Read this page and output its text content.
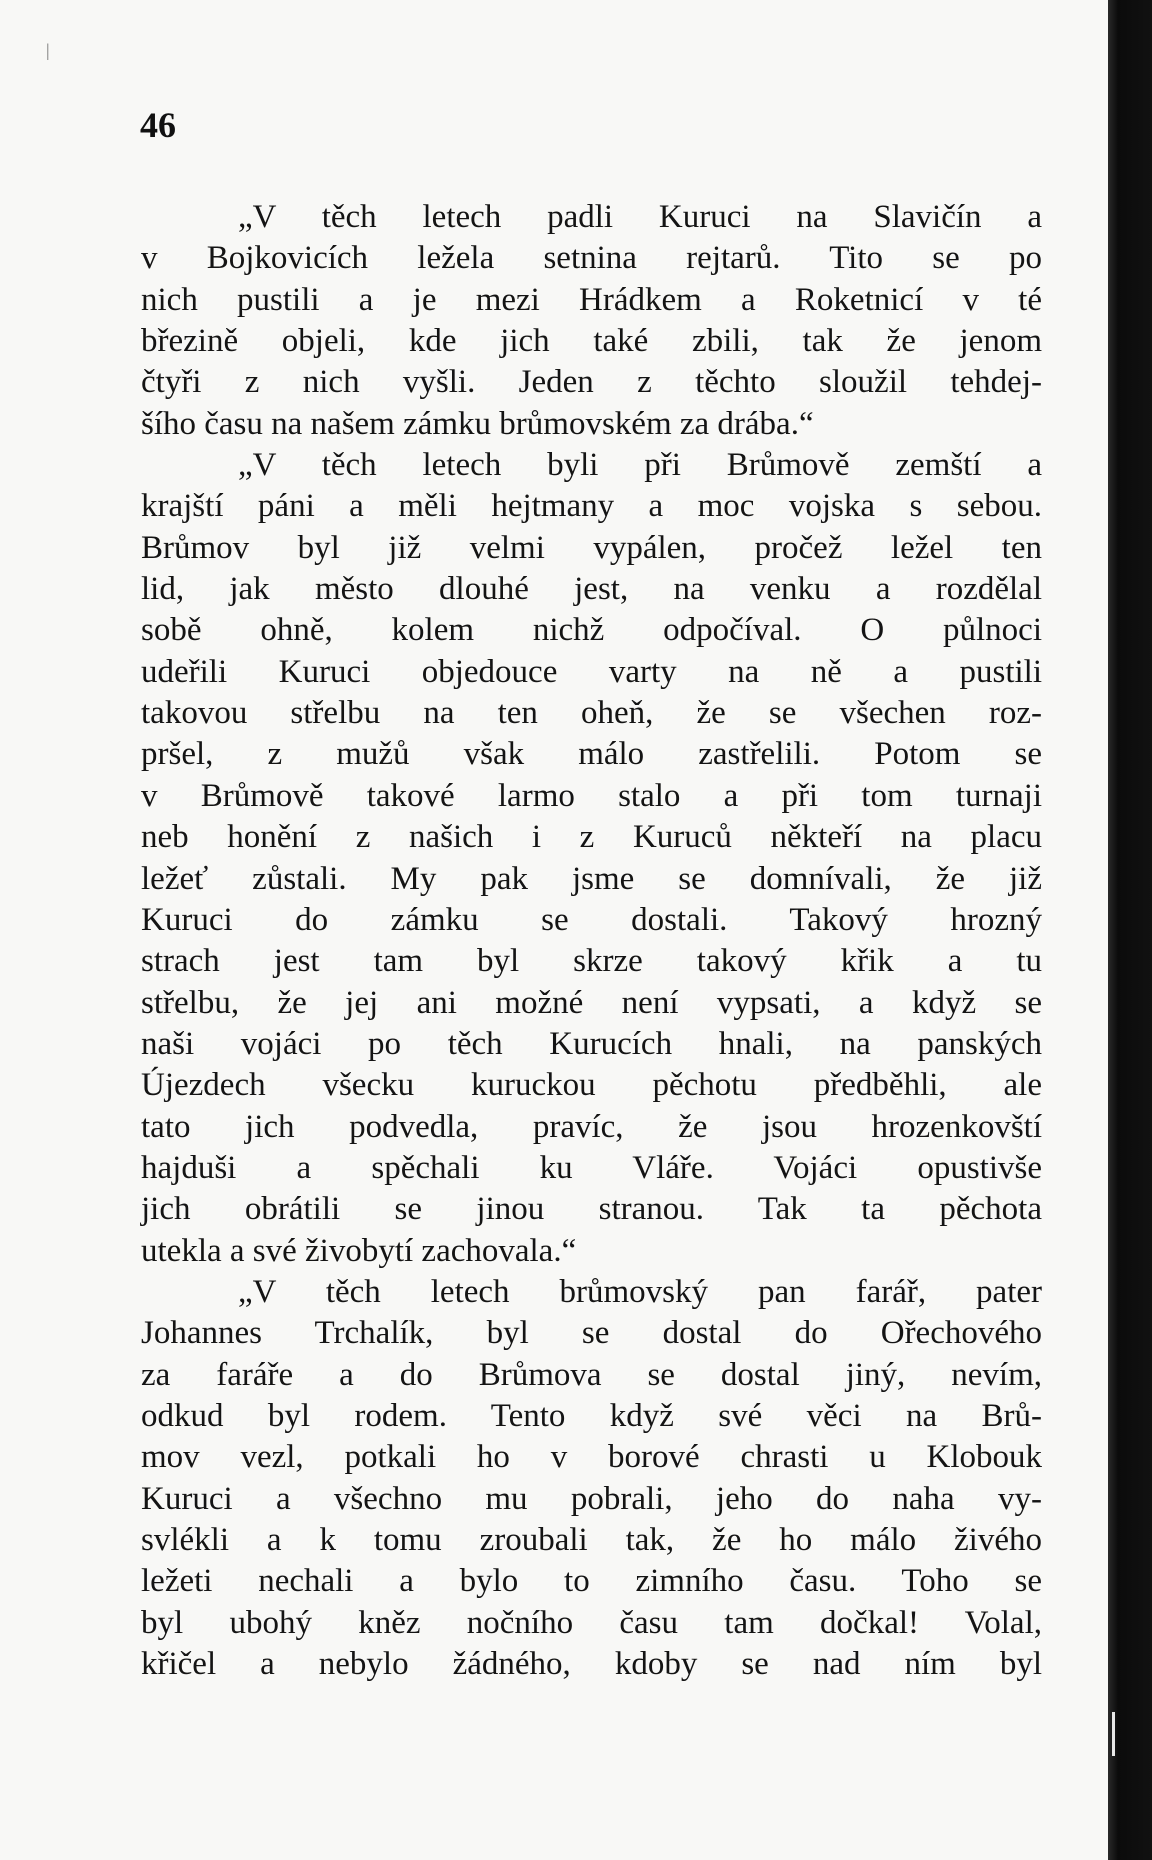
46
„V těch letech padli Kuruci na Slavičín a
v Bojkovicích ležela setnina rejtarů. Tito se po
nich pustili a je mezi Hrádkem a Roketnicí v té
březině objeli, kde jich také zbili, tak že jenom
čtyři z nich vyšli. Jeden z těchto sloužil tehdej-
šího času na našem zámku brůmovském za drába.“
„V těch letech byli při Brůmově zemští a
krajští páni a měli hejtmany a moc vojska s sebou.
Brůmov byl již velmi vypálen, pročež ležel ten
lid, jak město dlouhé jest, na venku a rozdělal
sobě ohně, kolem nichž odpočíval. O půlnoci
udeřili Kuruci objedouce varty na ně a pustili
takovou střelbu na ten oheň, že se všechen roz-
pršel, z mužů však málo zastřelili. Potom se
v Brůmově takové larmo stalo a při tom turnaji
neb honění z našich i z Kuruců někteří na placu
ležeť zůstali. My pak jsme se domnívali, že již
Kuruci do zámku se dostali. Takový hrozný
strach jest tam byl skrze takový křik a tu
střelbu, že jej ani možné není vypsati, a když se
naši vojáci po těch Kurucích hnali, na panských
Újezdech všecku kuruckou pěchotu předběhli, ale
tato jich podvedla, pravíc, že jsou hrozenkovští
hajduši a spěchali ku Vláře. Vojáci opustivše
jich obrátili se jinou stranou. Tak ta pěchota
utekla a své živobytí zachovala.“
„V těch letech brůmovský pan farář, pater
Johannes Trchalík, byl se dostal do Ořechového
za faráře a do Brůmova se dostal jiný, nevím,
odkud byl rodem. Tento když své věci na Brů-
mov vezl, potkali ho v borové chrasti u Klobouk
Kuruci a všechno mu pobrali, jeho do naha vy-
svlékli a k tomu zroubali tak, že ho málo živého
ležeti nechali a bylo to zimního času. Toho se
byl ubohý kněz nočního času tam dočkal! Volal,
křičel a nebylo žádného, kdoby se nad ním byl
|
